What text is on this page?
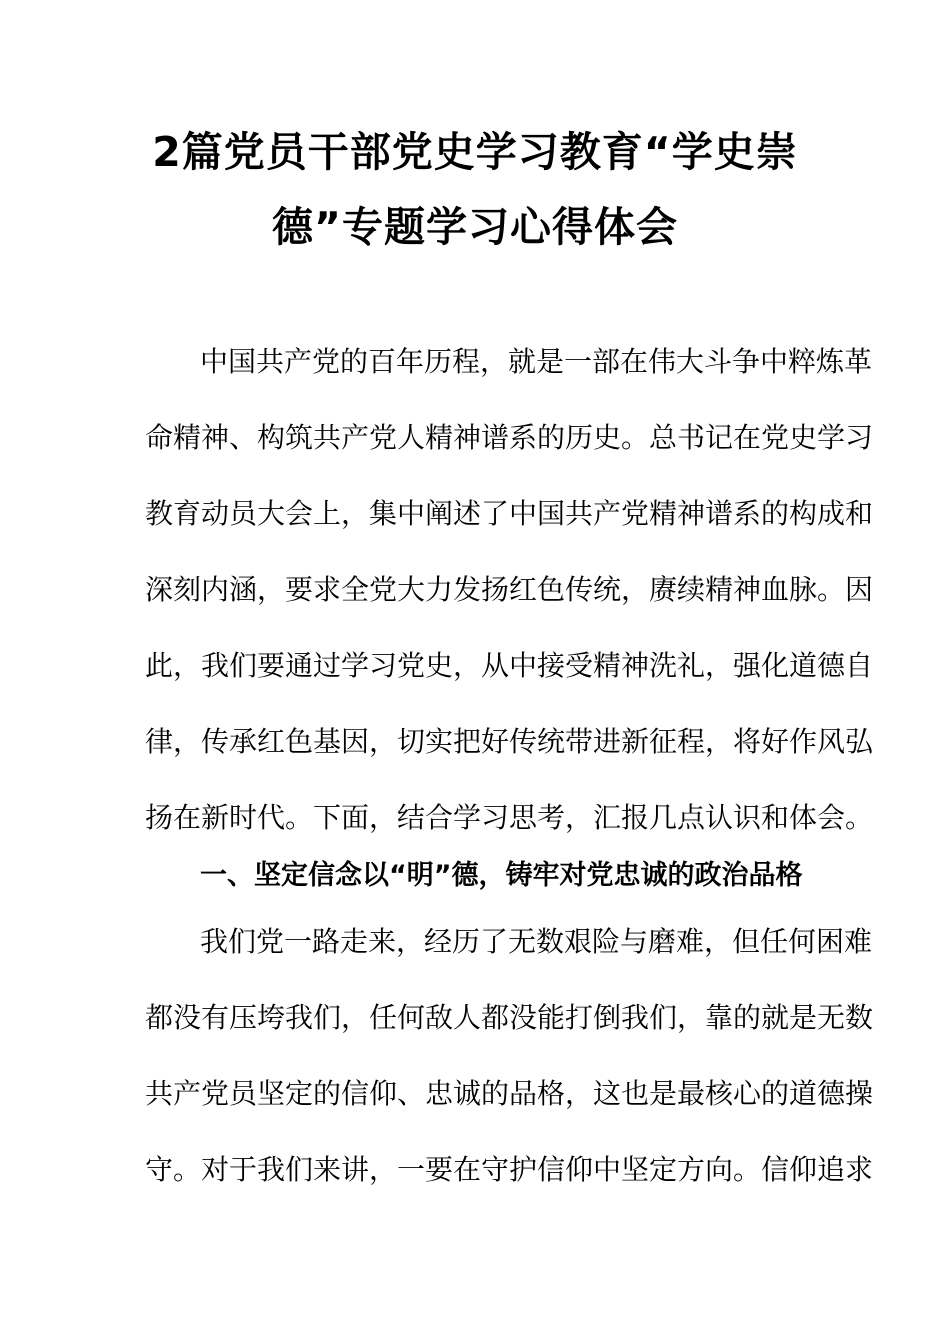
2篇党员干部党史学习教育“学史崇
德”专题学习心得体会
中国共产党的百年历程，就是一部在伟大斗争中粹炼革
命精神、构筑共产党人精神谱系的历史。总书记在党史学习
教育动员大会上，集中阐述了中国共产党精神谱系的构成和
深刻内涵，要求全党大力发扬红色传统，赓续精神血脉。因
此，我们要通过学习党史，从中接受精神洗礼，强化道德自
律，传承红色基因，切实把好传统带进新征程，将好作风弘
扬在新时代。下面，结合学习思考，汇报几点认识和体会。
一、坚定信念以“明”德，铸牢对党忠诚的政治品格
我们党一路走来，经历了无数艰险与磨难，但任何困难
都没有压垮我们，任何敌人都没能打倒我们，靠的就是无数
共产党员坚定的信仰、忠诚的品格，这也是最核心的道德操
守。对于我们来讲，一要在守护信仰中坚定方向。信仰追求
